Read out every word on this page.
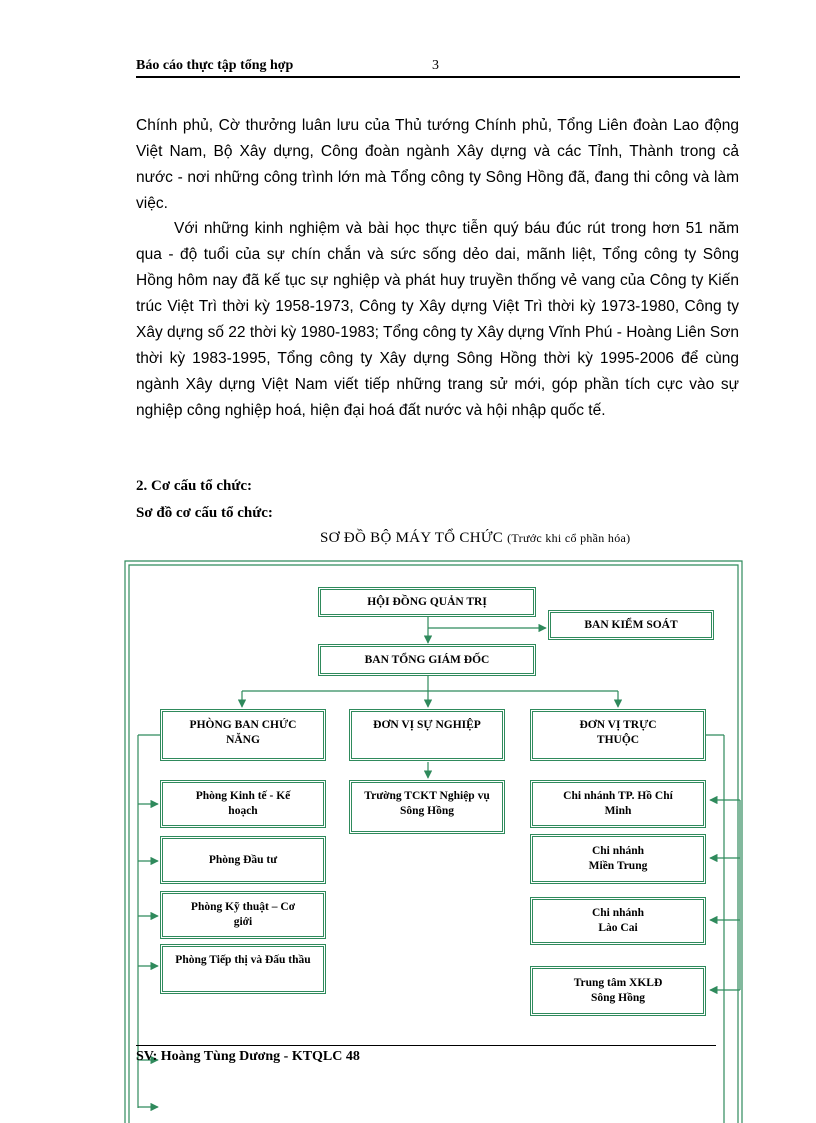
Báo cáo thực tập tổng hợp	3
Chính phủ, Cờ thưởng luân lưu của Thủ tướng Chính phủ, Tổng Liên đoàn Lao động Việt Nam, Bộ Xây dựng, Công đoàn ngành Xây dựng và các Tỉnh, Thành trong cả nước - nơi những công trình lớn mà Tổng công ty Sông Hồng đã, đang thi công và làm việc.
Với những kinh nghiệm và bài học thực tiễn quý báu đúc rút trong hơn 51 năm qua - độ tuổi của sự chín chắn và sức sống dẻo dai, mãnh liệt, Tổng công ty Sông Hồng hôm nay đã kế tục sự nghiệp và phát huy truyền thống vẻ vang của Công ty Kiến trúc Việt Trì thời kỳ 1958-1973, Công ty Xây dựng Việt Trì thời kỳ 1973-1980, Công ty Xây dựng số 22 thời kỳ 1980-1983; Tổng công ty Xây dựng Vĩnh Phú - Hoàng Liên Sơn thời kỳ 1983-1995, Tổng công ty Xây dựng Sông Hồng thời kỳ 1995-2006 để cùng ngành Xây dựng Việt Nam viết tiếp những trang sử mới, góp phần tích cực vào sự nghiệp công nghiệp hoá, hiện đại hoá đất nước và hội nhập quốc tế.
2. Cơ cấu tổ chức:
Sơ đồ cơ cấu tổ chức:
SƠ ĐỒ BỘ MÁY TỔ CHỨC (Trước khi cổ phần hóa)
HỘI ĐỒNG QUẢN TRỊ
BAN KIỂM SOÁT
BAN TỔNG GIÁM ĐỐC
PHÒNG BAN CHỨC NĂNG
ĐƠN VỊ SỰ NGHIỆP	ĐƠN VỊ TRỰC THUỘC
Phòng Kinh tế - Kế hoạch
Phòng Đầu tư
Phòng Kỹ thuật – Cơ giới
Phòng Tiếp thị và Đấu thầu
Trường TCKT Nghiệp vụ Sông Hồng
Chi nhánh TP. Hồ Chí Minh
Chi nhánh Miền Trung
Chi nhánh Lào Cai
Trung tâm XKLĐ Sông Hồng
SV: Hoàng Tùng Dương - KTQLC 48
